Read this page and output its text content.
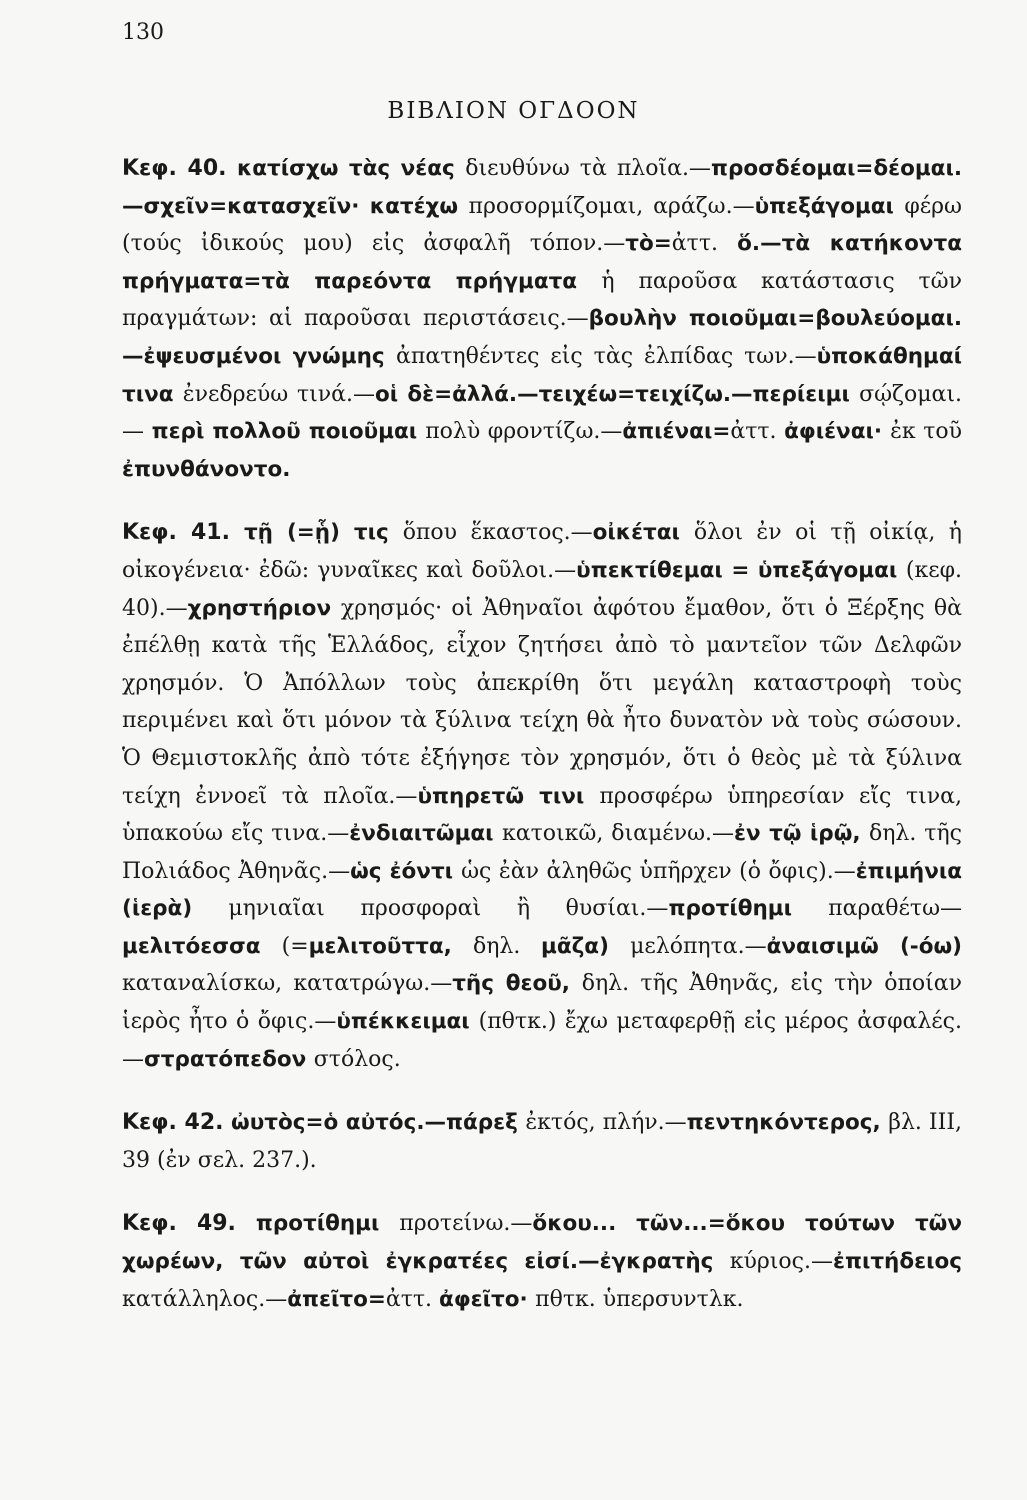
130
ΒΙΒΛΙΟΝ ΟΓΔΟΟΝ

Κεφ. 40. κατίσχω τὰς νέας διευθύνω τὰ πλοῖα.—προσδέομαι=δέομαι.—σχεῖν=κατασχεῖν· κατέχω προσορμίζομαι, αράζω.—ὑπεξάγομαι φέρω (τούς ἰδικούς μου) εἰς ἀσφαλῆ τόπον.—τὸ=ἀττ. ὅ.—τὰ κατήκοντα πρήγματα=τὰ παρεόντα πρήγματα ἡ παροῦσα κατάστασις τῶν πραγμάτων: αἱ παροῦσαι περιστάσεις.—βουλὴν ποιοῦμαι=βουλεύομαι.—ἐψευσμένοι γνώμης ἀπατηθέντες εἰς τὰς ἐλπίδας των.—ὑποκάθημαί τινα ἐνεδρεύω τινά.—οἱ δὲ=ἀλλά.—τειχέω=τειχίζω.—περίειμι σῴζομαι. — περὶ πολλοῦ ποιοῦμαι πολὺ φροντίζω.—ἀπιέναι=ἀττ. ἀφιέναι· ἐκ τοῦ ἐπυνθάνοντο.

Κεφ. 41. τῇ (=ᾗ) τις ὅπου ἕκαστος.—οἰκέται ὅλοι ἐν οἱ τῇ οἰκίᾳ, ἡ οἰκογένεια· ἐδῶ: γυναῖκες καὶ δοῦλοι.—ὑπεκτίθεμαι = ὑπεξάγομαι (κεφ. 40).—χρηστήριον χρησμός· οἱ Ἀθηναῖοι ἀφότου ἔμαθον, ὅτι ὁ Ξέρξης θὰ ἐπέλθῃ κατὰ τῆς Ἑλλάδος, εἶχον ζητήσει ἀπὸ τὸ μαντεῖον τῶν Δελφῶν χρησμόν. Ὁ Ἀπόλλων τοὺς ἀπεκρίθη ὅτι μεγάλη καταστροφὴ τοὺς περιμένει καὶ ὅτι μόνον τὰ ξύλινα τείχη θὰ ἦτο δυνατὸν νὰ τοὺς σώσουν. Ὁ Θεμιστοκλῆς ἀπὸ τότε ἐξήγησε τὸν χρησμόν, ὅτι ὁ θεὸς μὲ τὰ ξύλινα τείχη ἐννοεῖ τὰ πλοῖα.—ὑπηρετῶ τινι προσφέρω ὑπηρεσίαν εἴς τινα, ὑπακούω εἴς τινα.—ἐνδιαιτῶμαι κατοικῶ, διαμένω.—ἐν τῷ ἱρῷ, δηλ. τῆς Πολιάδος Ἀθηνᾶς.—ὡς ἐόντι ὡς ἐὰν ἀληθῶς ὑπῆρχεν (ὁ ὄφις).—ἐπιμήνια (ἱερὰ) μηνιαῖαι προσφοραὶ ἢ θυσίαι.—προτίθημι παραθέτω— μελιτόεσσα (=μελιτοῦττα, δηλ. μᾶζα) μελόπητα.—ἀναισιμῶ (-όω) καταναλίσκω, κατατρώγω.—τῆς θεοῦ, δηλ. τῆς Ἀθηνᾶς, εἰς τὴν ὁποίαν ἱερὸς ἦτο ὁ ὄφις.—ὑπέκκειμαι (πθτκ.) ἔχω μεταφερθῇ εἰς μέρος ἀσφαλές.—στρατόπεδον στόλος.

Κεφ. 42. ὠυτὸς=ὁ αὐτός.—πάρεξ ἐκτός, πλήν.—πεντηκόντερος, βλ. III, 39 (ἐν σελ. 237.).

Κεφ. 49. προτίθημι προτείνω.—ὅκου... τῶν...=ὅκου τούτων τῶν χωρέων, τῶν αὐτοὶ ἐγκρατέες εἰσί.—ἐγκρατὴς κύριος.—ἐπιτήδειος κατάλληλος.—ἀπεῖτο=ἀττ. ἀφεῖτο· πθτκ. ὑπερσυντλκ.
